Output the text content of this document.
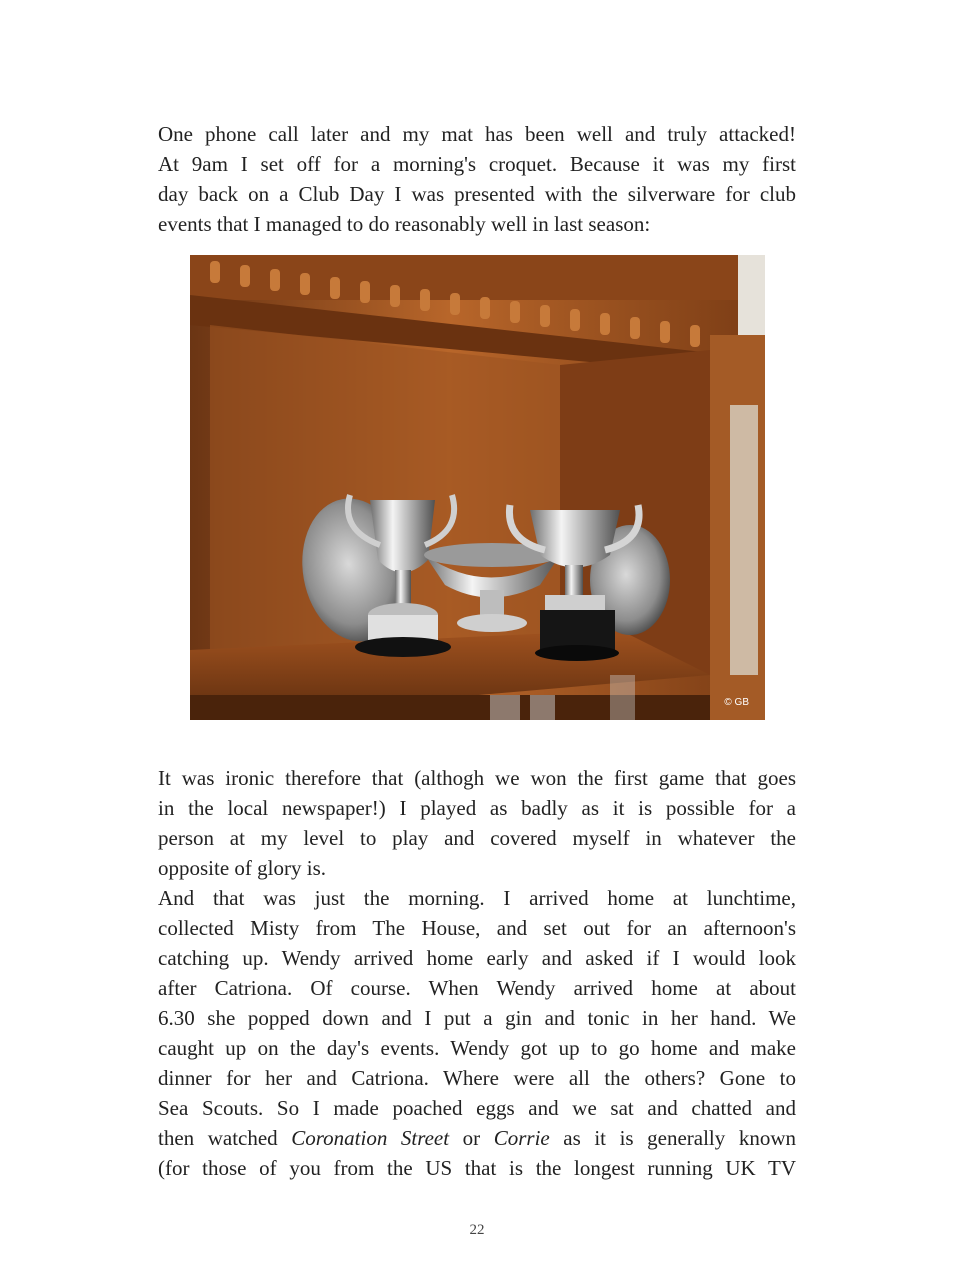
One phone call later and my mat has been well and truly attacked!
At 9am I set off for a morning's croquet. Because it was my first
day back on a Club Day I was presented with the silverware for club
events that I managed to do reasonably well in last season:
© GB
It was ironic therefore that (althogh we won the first game that goes
in the local newspaper!) I played as badly as it is possible for a
person at my level to play and covered myself in whatever the
opposite of glory is.
And that was just the morning. I arrived home at lunchtime,
collected Misty from The House, and set out for an afternoon's
catching up. Wendy arrived home early and asked if I would look
after Catriona. Of course. When Wendy arrived home at about
6.30 she popped down and I put a gin and tonic in her hand. We
caught up on the day's events. Wendy got up to go home and make
dinner for her and Catriona. Where were all the others? Gone to
Sea Scouts. So I made poached eggs and we sat and chatted and
then watched Coronation Street or Corrie as it is generally known
(for those of you from the US that is the longest running UK TV
22
